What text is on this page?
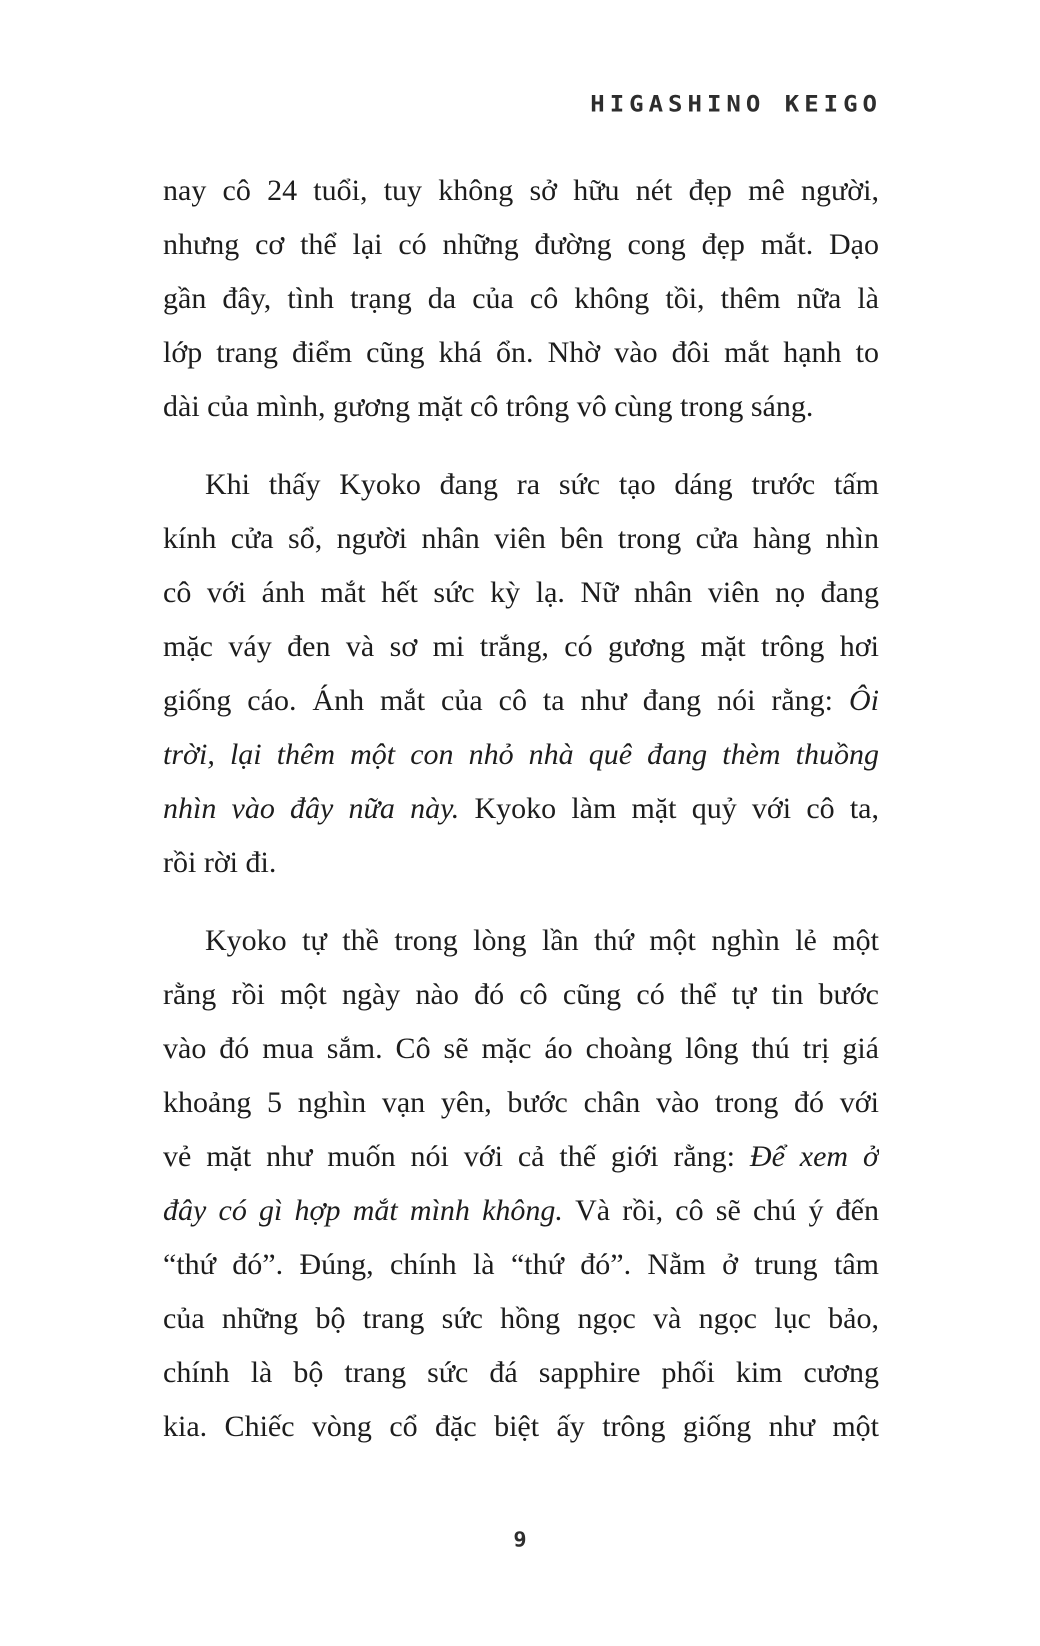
HIGASHINO KEIGO
nay cô 24 tuổi, tuy không sở hữu nét đẹp mê người,
nhưng cơ thể lại có những đường cong đẹp mắt. Dạo
gần đây, tình trạng da của cô không tồi, thêm nữa là
lớp trang điểm cũng khá ổn. Nhờ vào đôi mắt hạnh to
dài của mình, gương mặt cô trông vô cùng trong sáng.
Khi thấy Kyoko đang ra sức tạo dáng trước tấm
kính cửa sổ, người nhân viên bên trong cửa hàng nhìn
cô với ánh mắt hết sức kỳ lạ. Nữ nhân viên nọ đang
mặc váy đen và sơ mi trắng, có gương mặt trông hơi
giống cáo. Ánh mắt của cô ta như đang nói rằng: Ôi
trời, lại thêm một con nhỏ nhà quê đang thèm thuồng
nhìn vào đây nữa này. Kyoko làm mặt quỷ với cô ta,
rồi rời đi.
Kyoko tự thề trong lòng lần thứ một nghìn lẻ một
rằng rồi một ngày nào đó cô cũng có thể tự tin bước
vào đó mua sắm. Cô sẽ mặc áo choàng lông thú trị giá
khoảng 5 nghìn vạn yên, bước chân vào trong đó với
vẻ mặt như muốn nói với cả thế giới rằng: Để xem ở
đây có gì hợp mắt mình không. Và rồi, cô sẽ chú ý đến
“thứ đó”. Đúng, chính là “thứ đó”. Nằm ở trung tâm
của những bộ trang sức hồng ngọc và ngọc lục bảo,
chính là bộ trang sức đá sapphire phối kim cương
kia. Chiếc vòng cổ đặc biệt ấy trông giống như một
9
